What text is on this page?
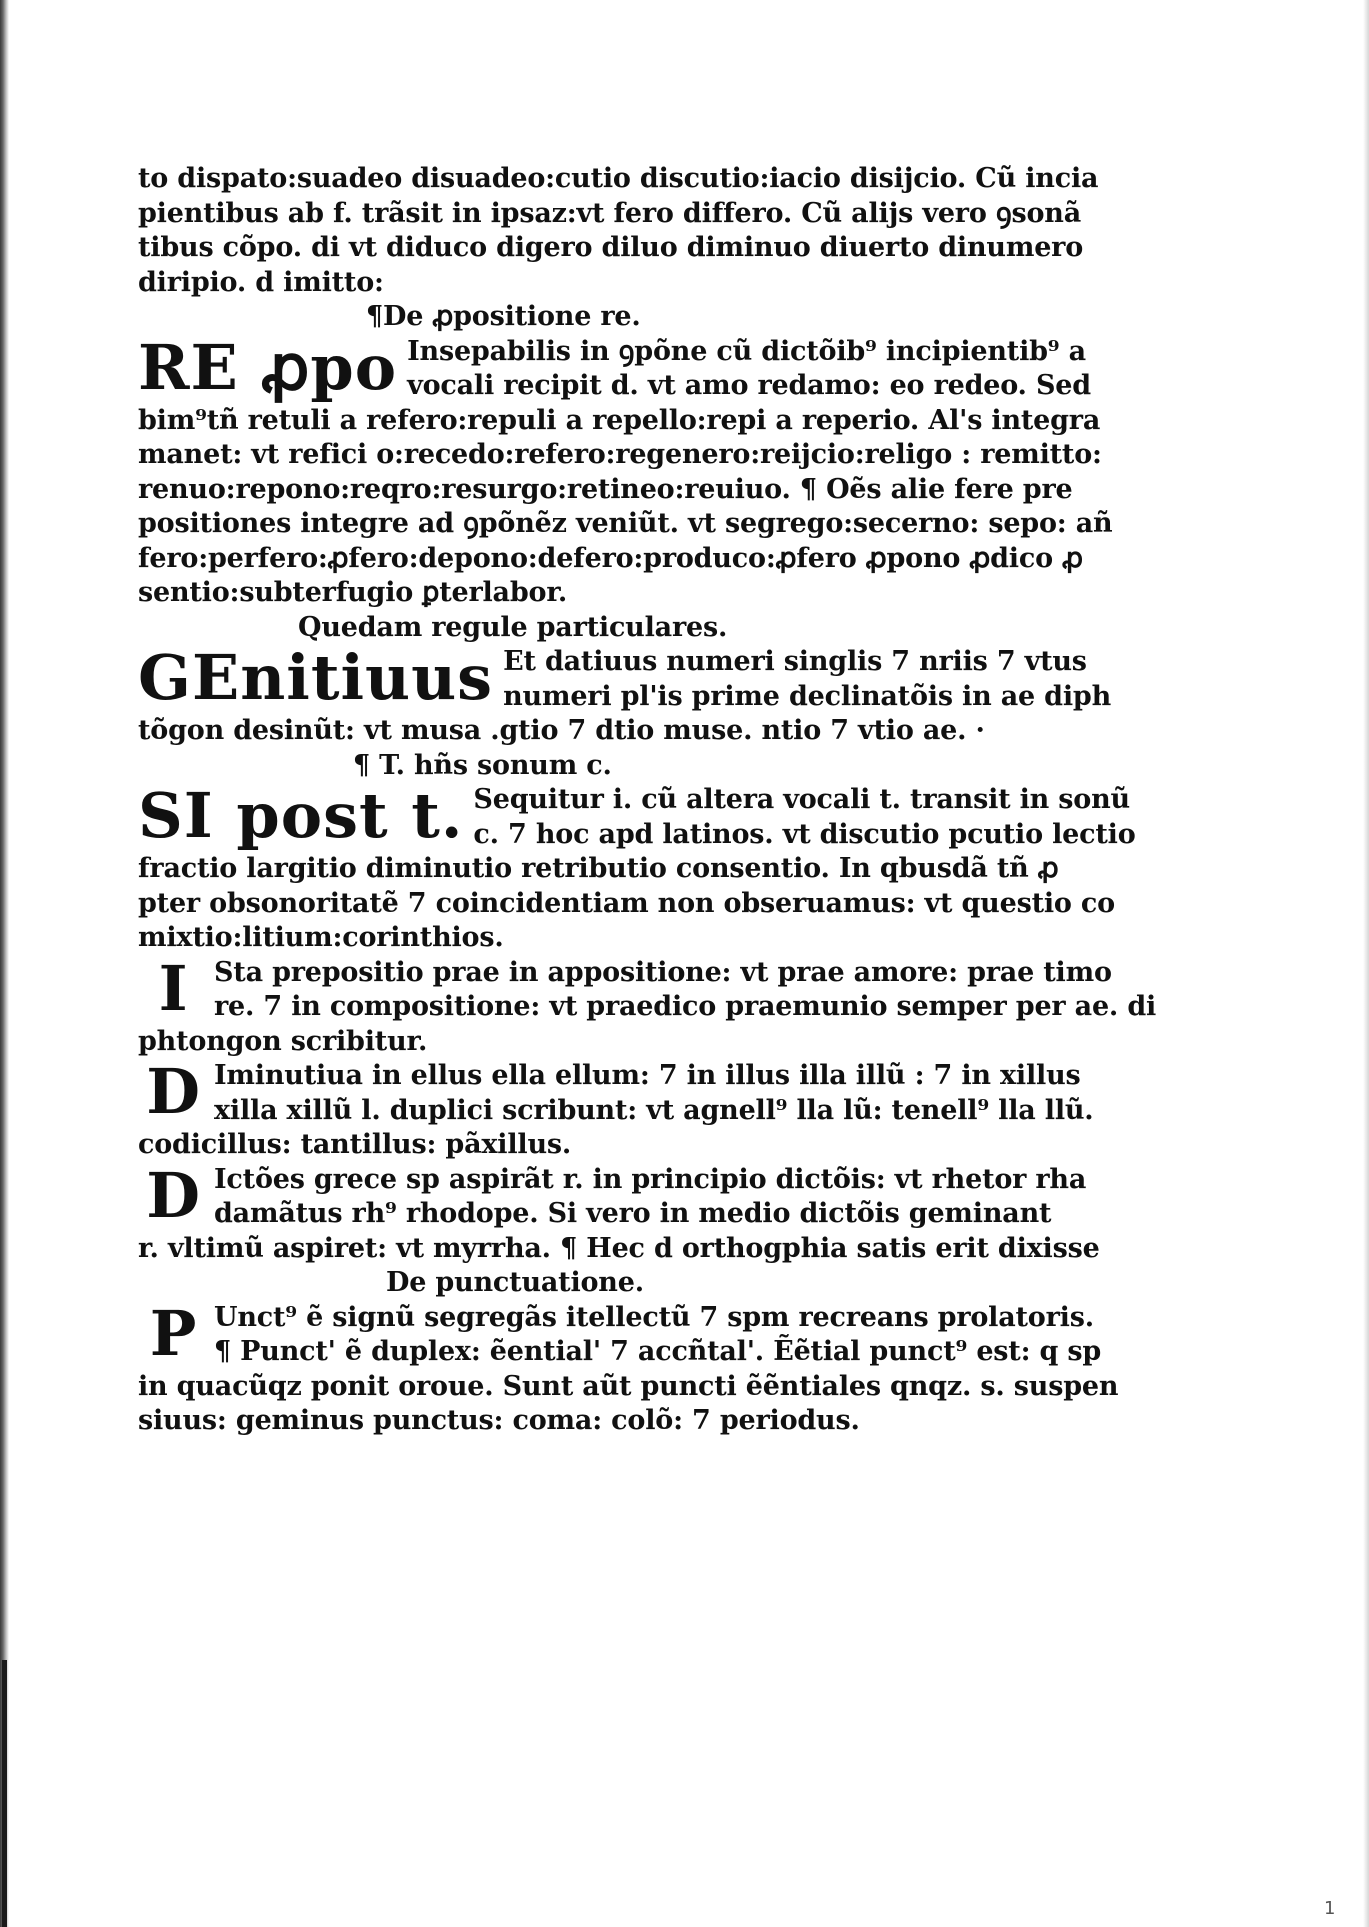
to dispato:suadeo disuadeo:cutio discutio:iacio disijcio. Cũ incia
pientibus ab f. trãsit in ipsaz:vt fero differo. Cũ alijs vero ꝯsonã
tibus cõpo. di vt diduco digero diluo diminuo diuerto dinumero
diripio. d imitto:
¶De ꝓpositione re.
RE ꝓpo Insepabilis in ꝯpõne cũ dictõib⁹ incipientib⁹ a
vocali recipit d. vt amo redamo: eo redeo. Sed
bim⁹tñ retuli a refero:repuli a repello:repi a reperio. Al's integra
manet: vt refici o:recedo:refero:regenero:reijcio:religo : remitto:
renuo:repono:reqro:resurgo:retineo:reuiuo. ¶ Oẽs alie fere pre
positiones integre ad ꝯpõnẽz veniũt. vt segrego:secerno: sepo: añ
fero:perfero:ꝓfero:depono:defero:produco:ꝓfero ꝓpono ꝓdico ꝓ
sentio:subterfugio ꝑterlabor.
Quedam regule particulares.
GEnitiuus Et datiuus numeri singlis 7 nriis 7 vtus
numeri pl'is prime declinatõis in ae diph
tõgon desinũt: vt musa .gtio 7 dtio muse. ntio 7 vtio ae. ·
¶ T. hñs sonum c.
SI post t. Sequitur i. cũ altera vocali t. transit in sonũ
c. 7 hoc apd latinos. vt discutio pcutio lectio
fractio largitio diminutio retributio consentio. In qbusdã tñ ꝓ
pter obsonoritatẽ 7 coincidentiam non obseruamus: vt questio co
mixtio:litium:corinthios.
I Sta prepositio prae in appositione: vt prae amore: prae timo
re. 7 in compositione: vt praedico praemunio semper per ae. di
phtongon scribitur.
D Iminutiua in ellus ella ellum: 7 in illus illa illũ : 7 in xillus
xilla xillũ l. duplici scribunt: vt agnell⁹ lla lũ: tenell⁹ lla llũ.
codicillus: tantillus: pãxillus.
D Ictões grece sp aspirãt r. in principio dictõis: vt rhetor rha
damãtus rh⁹ rhodope. Si vero in medio dictõis geminant
r. vltimũ aspiret: vt myrrha. ¶ Hec d orthogphia satis erit dixisse
De punctuatione.
P Unct⁹ ẽ signũ segregãs itellectũ 7 spm recreans prolatoris.
¶ Punct' ẽ duplex: ẽential' 7 accñtal'. Ẽẽtial punct⁹ est: q sp
in quacũqz ponit oroue. Sunt aũt puncti ẽẽntiales qnqz. s. suspen
siuus: geminus punctus: coma: colõ: 7 periodus.
1
